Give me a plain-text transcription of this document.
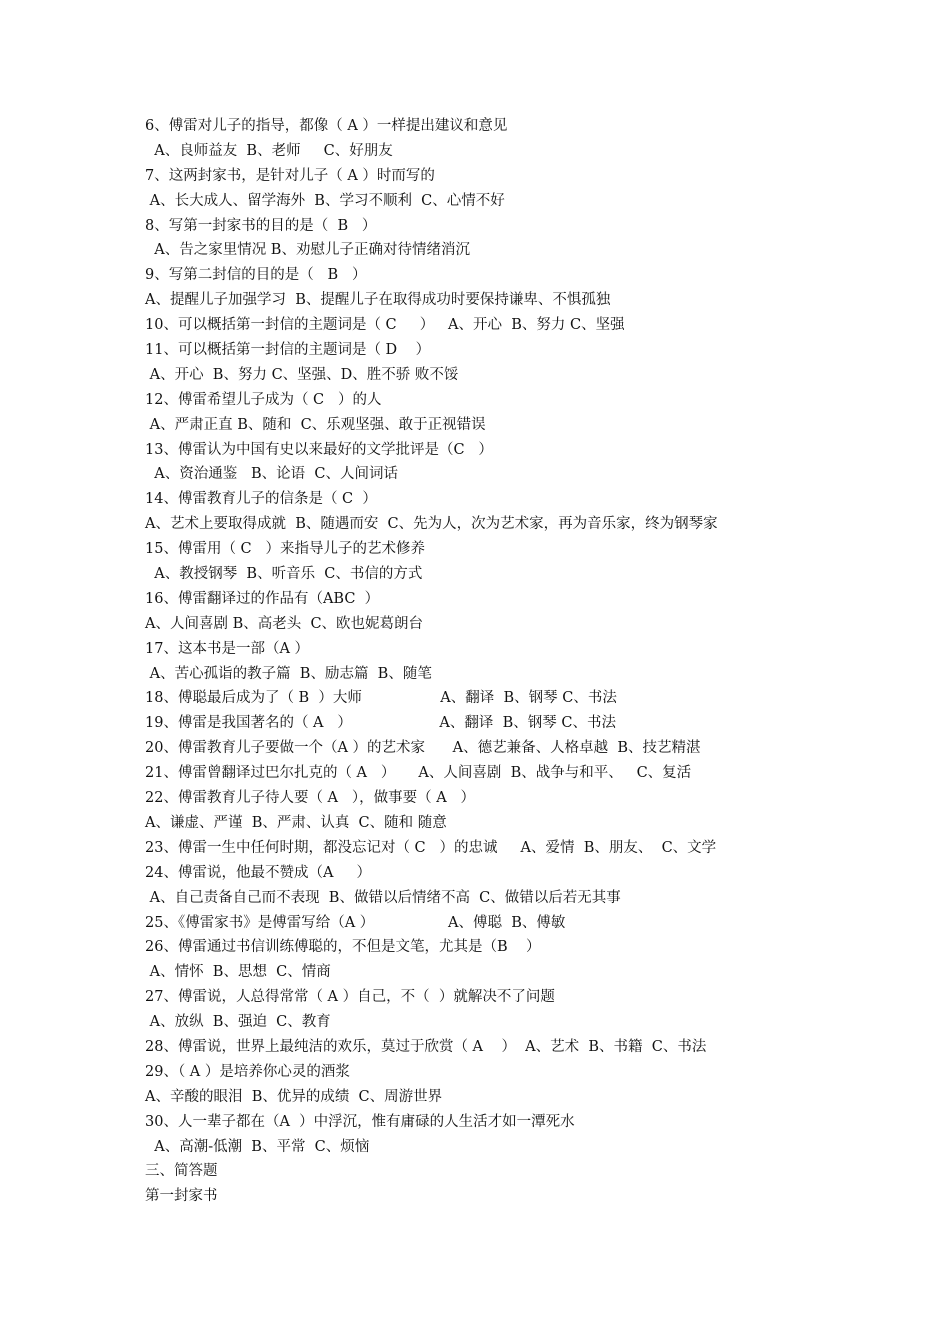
6、傅雷对儿子的指导，都像（ A ）一样提出建议和意见
A、良师益友  B、老师     C、好朋友
7、这两封家书，是针对儿子（ A ）时而写的
A、长大成人、留学海外  B、学习不顺利  C、心情不好
8、写第一封家书的目的是（  B   ）
A、告之家里情况 B、劝慰儿子正确对待情绪消沉
9、写第二封信的目的是（   B   ）
A、提醒儿子加强学习  B、提醒儿子在取得成功时要保持谦卑、不惧孤独
10、可以概括第一封信的主题词是（ C     ）   A、开心  B、努力 C、坚强
11、可以概括第一封信的主题词是（ D    ）
A、开心  B、努力 C、坚强、D、胜不骄 败不馁
12、傅雷希望儿子成为（ C   ）的人
A、严肃正直 B、随和  C、乐观坚强、敢于正视错误
13、傅雷认为中国有史以来最好的文学批评是（C   ）
A、资治通鉴   B、论语  C、人间词话
14、傅雷教育儿子的信条是（ C  ）
A、艺术上要取得成就  B、随遇而安  C、先为人，次为艺术家，再为音乐家，终为钢琴家
15、傅雷用（ C   ）来指导儿子的艺术修养
A、教授钢琴  B、听音乐  C、书信的方式
16、傅雷翻译过的作品有（ABC  ）
A、人间喜剧 B、高老头  C、欧也妮葛朗台
17、这本书是一部（A ）
A、苦心孤诣的教子篇  B、励志篇  B、随笔
18、傅聪最后成为了（ B  ）大师                 A、翻译  B、钢琴 C、书法
19、傅雷是我国著名的（ A   ）                   A、翻译  B、钢琴 C、书法
20、傅雷教育儿子要做一个（A ）的艺术家      A、德艺兼备、人格卓越  B、技艺精湛
21、傅雷曾翻译过巴尔扎克的（ A   ）     A、人间喜剧  B、战争与和平、   C、复活
22、傅雷教育儿子待人要（ A   ），做事要（ A   ）
A、谦虚、严谨  B、严肃、认真  C、随和 随意
23、傅雷一生中任何时期，都没忘记对（ C   ）的忠诚     A、爱情  B、朋友、  C、文学
24、傅雷说，他最不赞成（A     ）
A、自己责备自己而不表现  B、做错以后情绪不高  C、做错以后若无其事
25、《傅雷家书》是傅雷写给（A ）                A、傅聪  B、傅敏
26、傅雷通过书信训练傅聪的，不但是文笔，尤其是（B    ）
A、情怀  B、思想  C、情商
27、傅雷说，人总得常常（ A ）自己，不（  ）就解决不了问题
A、放纵  B、强迫  C、教育
28、傅雷说，世界上最纯洁的欢乐，莫过于欣赏（ A    ）  A、艺术  B、书籍  C、书法
29、（ A ）是培养你心灵的酒浆
A、辛酸的眼泪  B、优异的成绩  C、周游世界
30、人一辈子都在（A  ）中浮沉，惟有庸碌的人生活才如一潭死水
A、高潮-低潮  B、平常  C、烦恼
三、简答题
第一封家书
